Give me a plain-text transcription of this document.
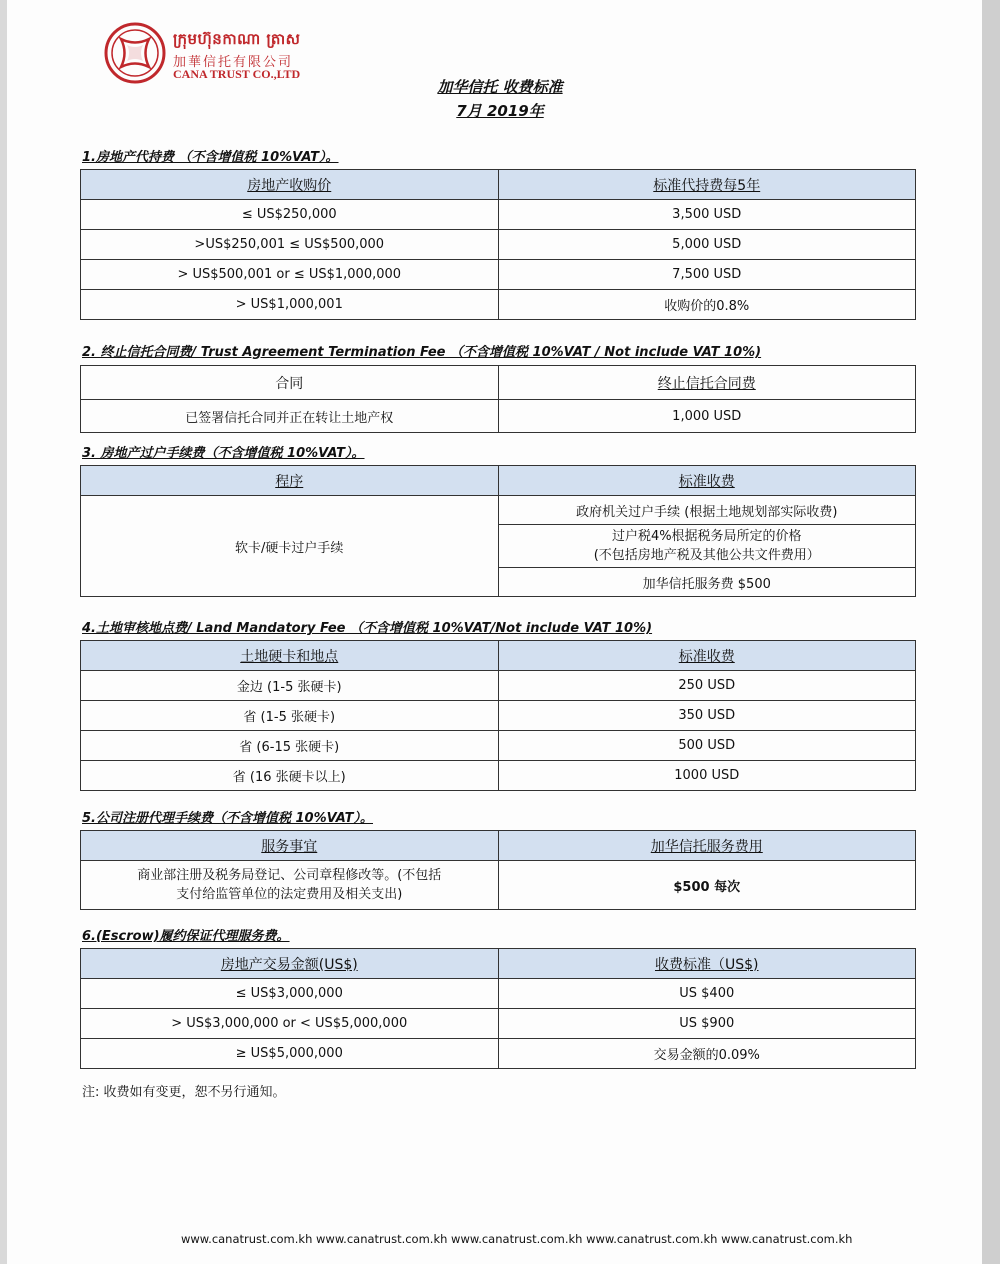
ក្រុមហ៊ុនកាណា ត្រាស
加華信托有限公司
CANA TRUST CO.,LTD
加华信托 收费标准
7月 2019年
1.房地产代持费 （不含增值税 10%VAT）。
房地产收购价	标准代持费每5年
≤ US$250,000	3,500 USD
>US$250,001 ≤ US$500,000	5,000 USD
> US$500,001 or ≤ US$1,000,000	7,500 USD
> US$1,000,001	收购价的0.8%
2. 终止信托合同费/ Trust Agreement Termination Fee （不含增值税 10%VAT / Not include VAT 10%)
合同	终止信托合同费
已签署信托合同并正在转让土地产权	1,000 USD
3. 房地产过户手续费（不含增值税 10%VAT）。
程序	标准收费
软卡/硬卡过户手续	政府机关过户手续 (根据土地规划部实际收费)

	过户税4%根据税务局所定的价格
(不包括房地产税及其他公共文件费用）

	加华信托服务费 $500
4.土地审核地点费/ Land Mandatory Fee （不含增值税 10%VAT/Not include VAT 10%)
土地硬卡和地点	标准收费
金边 (1-5 张硬卡)	250 USD
省 (1-5 张硬卡)	350 USD
省 (6-15 张硬卡)	500 USD
省 (16 张硬卡以上)	1000 USD
5.公司注册代理手续费（不含增值税 10%VAT）。
服务事宜	加华信托服务费用

商业部注册及税务局登记、公司章程修改等。(不包括
支付给监管单位的法定费用及相关支出)	$500 每次
6.(Escrow)履约保证代理服务费。
房地产交易金额(US$)	收费标准（US$)
≤ US$3,000,000	US $400
> US$3,000,000 or < US$5,000,000	US $900
≥ US$5,000,000	交易金额的0.09%
注: 收费如有变更，恕不另行通知。
www.canatrust.com.kh www.canatrust.com.kh www.canatrust.com.kh www.canatrust.com.kh www.canatrust.com.kh
